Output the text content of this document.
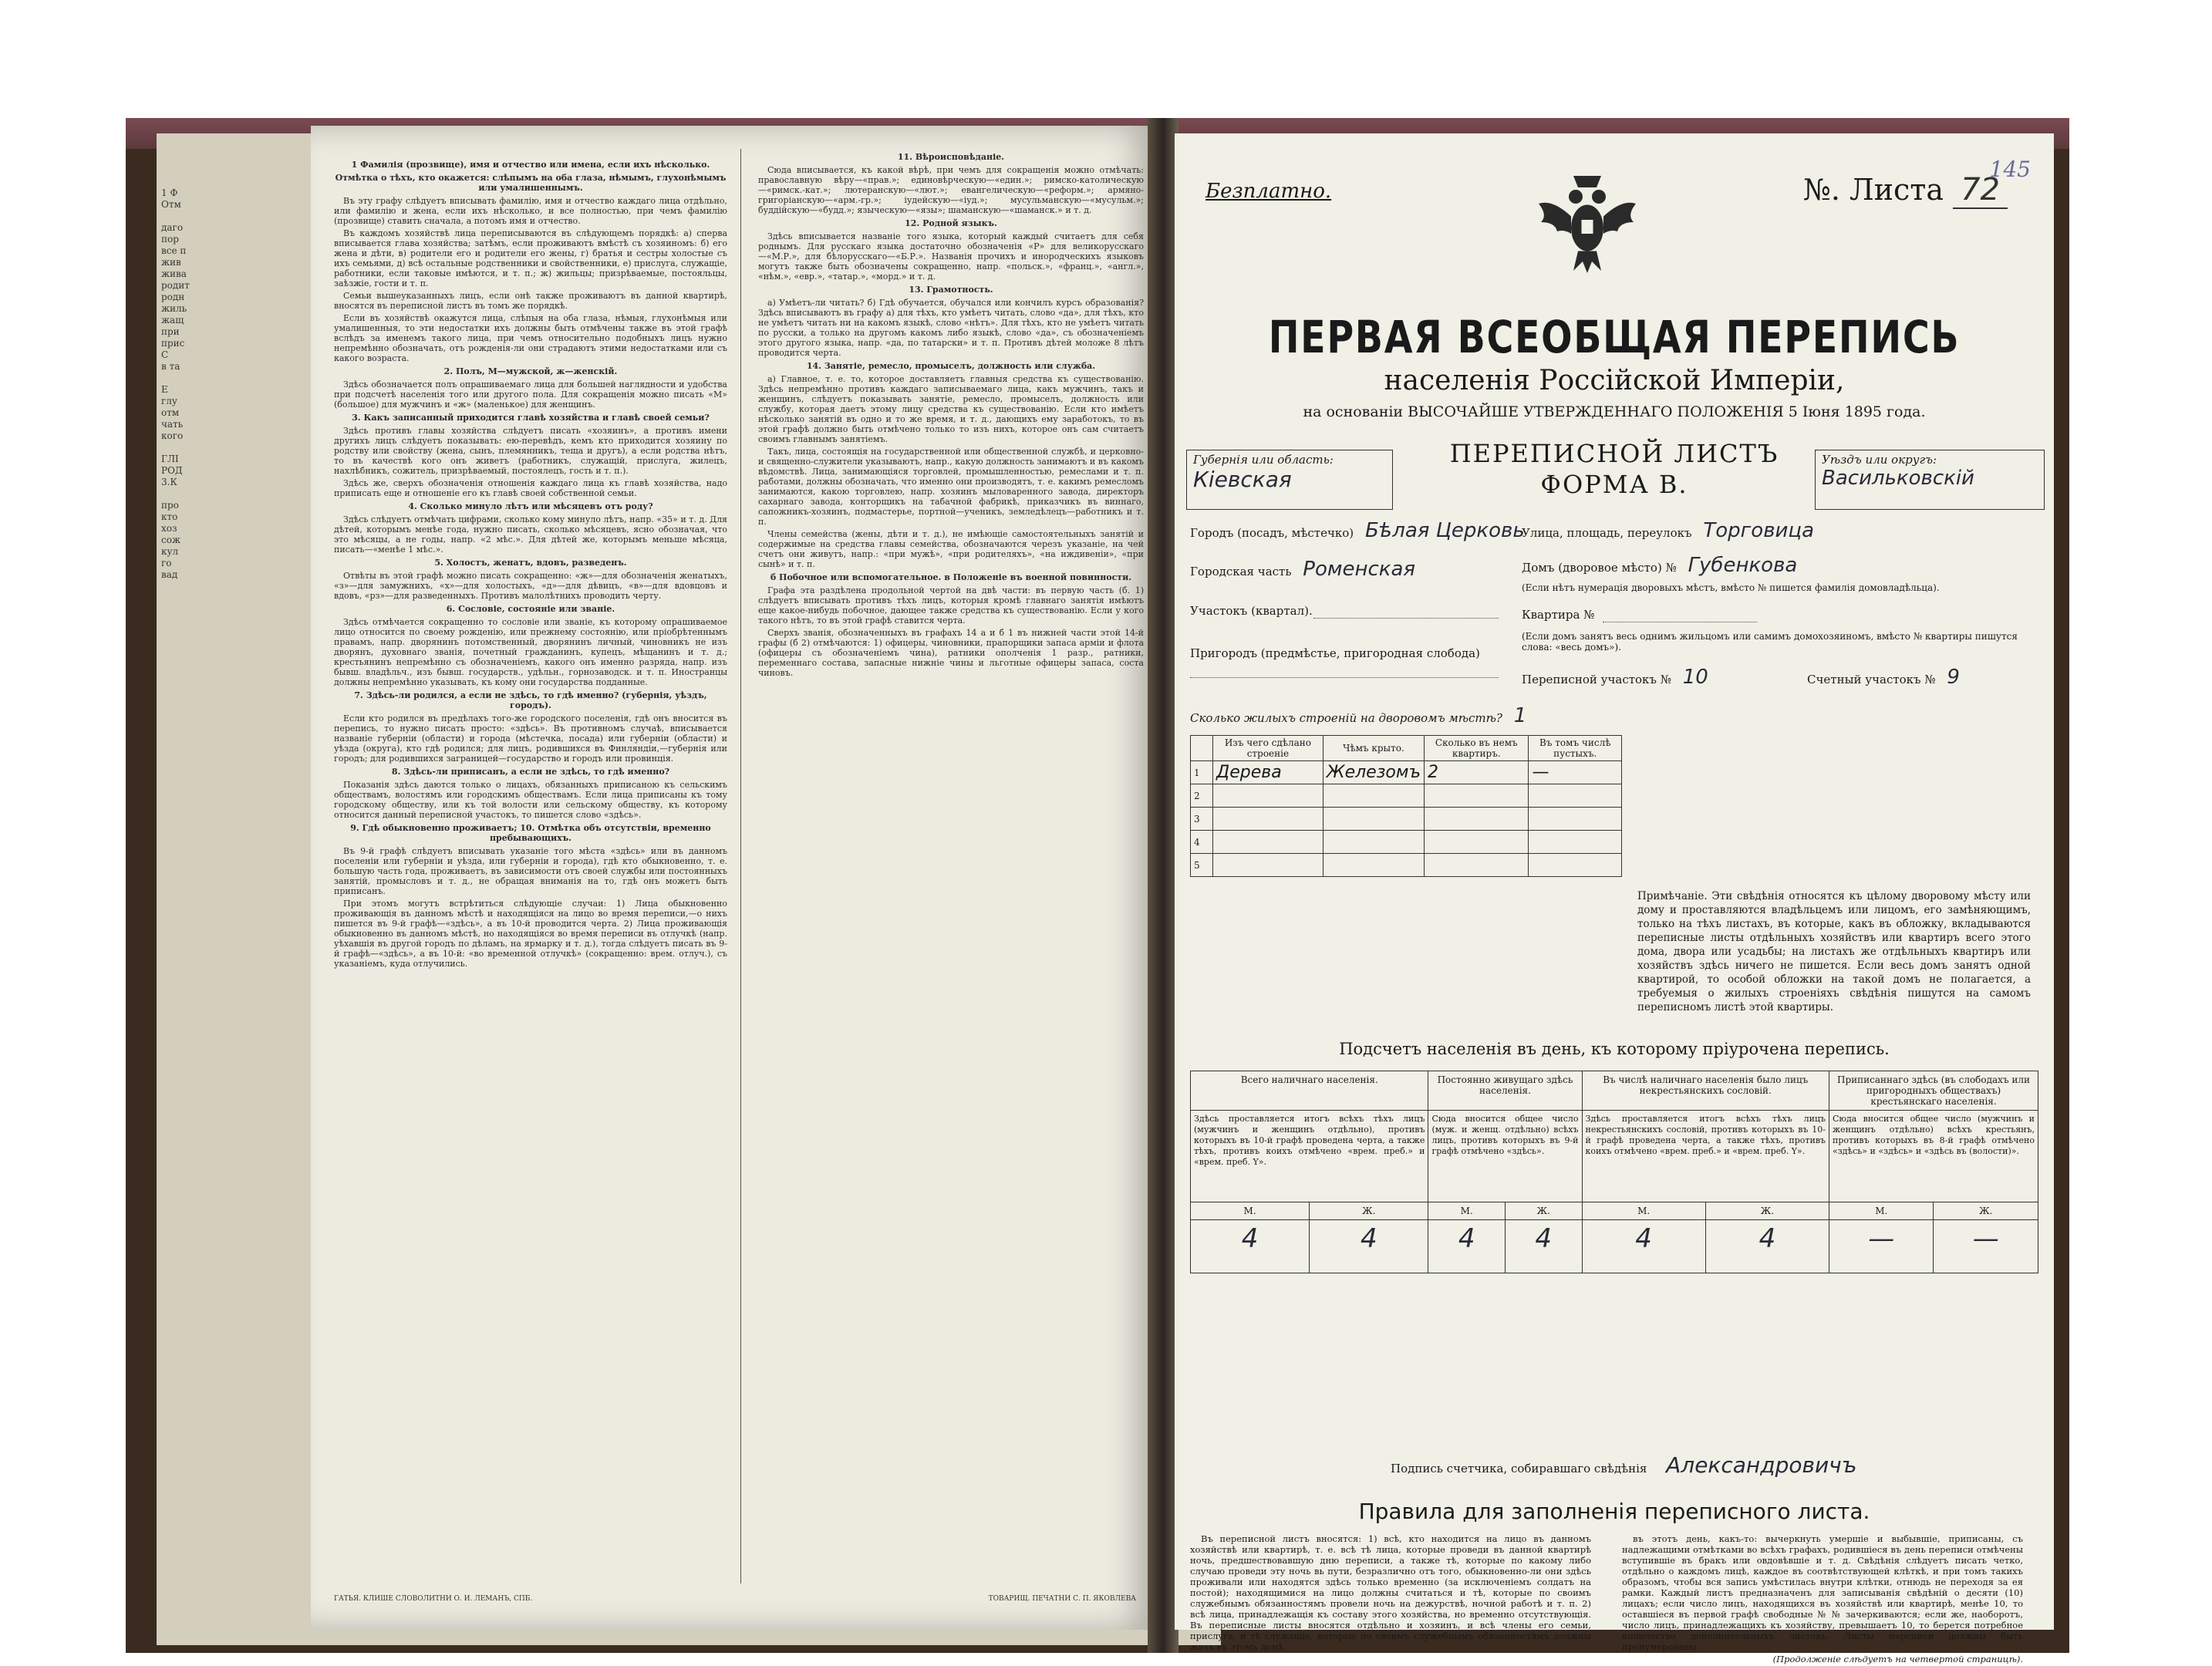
1 Ф
Отм

даго
пор
все п
жив
жива
родит
родн
жиль
жащ
при
прис
С
в та

Е
глу
отм
чать
кого

ГЛІ
РОД
3.К

про
кто
хоз
сож
кул
го
вад

1 Фамилія (прозвище), имя и отчество или имена, если ихъ нѣсколько.

Отмѣтка о тѣхъ, кто окажется: слѣпымъ на оба глаза, нѣмымъ, глухонѣмымъ или умалишеннымъ.

Въ эту графу слѣдуетъ вписывать фамилію, имя и отчество каждаго лица отдѣльно, или фамилію и жена, если ихъ нѣсколько, и все полностью, при чемъ фамилію (прозвище) ставить сначала, а потомъ имя и отчество.

Въ каждомъ хозяйствѣ лица переписываются въ слѣдующемъ порядкѣ: а) сперва вписывается глава хозяйства; затѣмъ, если проживаютъ вмѣстѣ съ хозяиномъ: б) его жена и дѣти, в) родители его и родители его жены, г) братья и сестры холостые съ ихъ семьями, д) всѣ остальные родственники и свойственники, е) прислуга, служащіе, работники, если таковые имѣются, и т. п.; ж) жильцы; призрѣваемые, постояльцы, заѣзжіе, гости и т. п.

Семьи вышеуказанныхъ лицъ, если онѣ также проживаютъ въ данной квартирѣ, вносятся въ переписной листъ въ томъ же порядкѣ.

Если въ хозяйствѣ окажутся лица, слѣпыя на оба глаза, нѣмыя, глухонѣмыя или умалишенныя, то эти недостатки ихъ должны быть отмѣчены также въ этой графѣ вслѣдъ за именемъ такого лица, при чемъ относительно подобныхъ лицъ нужно непремѣнно обозначать, отъ рожденія-ли они страдаютъ этими недостатками или съ какого возраста.

2. Полъ, М—мужской, ж—женскій.

Здѣсь обозначается полъ опрашиваемаго лица для большей наглядности и удобства при подсчетѣ населенія того или другого пола. Для сокращенія можно писать «М» (большое) для мужчинъ и «ж» (маленькое) для женщинъ.

3. Какъ записанный приходится главѣ хозяйства и главѣ своей семьи?

Здѣсь противъ главы хозяйства слѣдуетъ писать «хозяинъ», а противъ имени другихъ лицъ слѣдуетъ показывать: ею-перевѣдъ, кемъ кто приходится хозяину по родству или свойству (жена, сынъ, племянникъ, теща и другъ), а если родства нѣтъ, то въ качествѣ кого онъ живетъ (работникъ, служащій, прислуга, жилецъ, нахлѣбникъ, сожитель, призрѣваемый, постоялецъ, гость и т. п.).

Здѣсь же, сверхъ обозначенія отношенія каждаго лица къ главѣ хозяйства, надо приписать еще и отношеніе его къ главѣ своей собственной семьи.

4. Сколько минуло лѣтъ или мѣсяцевъ отъ роду?

Здѣсь слѣдуетъ отмѣчать цифрами, сколько кому минуло лѣтъ, напр. «35» и т. д. Для дѣтей, которымъ менѣе года, нужно писать, сколько мѣсяцевъ, ясно обозначая, что это мѣсяцы, а не годы, напр. «2 мѣс.». Для дѣтей же, которымъ меньше мѣсяца, писать—«менѣе 1 мѣс.».

5. Холостъ, женатъ, вдовъ, разведенъ.

Отвѣты въ этой графѣ можно писать сокращенно: «ж»—для обозначенія женатыхъ, «з»—для замужнихъ, «х»—для холостыхъ, «д»—для дѣвицъ, «в»—для вдовцовъ и вдовъ, «рз»—для разведенныхъ. Противъ малолѣтнихъ проводить черту.

6. Сословіе, состояніе или званіе.

Здѣсь отмѣчается сокращенно то сословіе или званіе, къ которому опрашиваемое лицо относится по своему рожденію, или прежнему состоянію, или пріобрѣтеннымъ правамъ, напр. дворянинъ потомственный, дворянинъ личный, чиновникъ не изъ дворянъ, духовнаго званія, почетный гражданинъ, купецъ, мѣщанинъ и т. д.; крестьянинъ непремѣнно съ обозначеніемъ, какого онъ именно разряда, напр. изъ бывш. владѣльч., изъ бывш. государств., удѣльн., горнозаводск. и т. п. Иностранцы должны непремѣнно указывать, къ кому они государства подданные.

7. Здѣсь-ли родился, а если не здѣсь, то гдѣ именно? (губернія, уѣздъ, городъ).

Если кто родился въ предѣлахъ того-же городского поселенія, гдѣ онъ вносится въ перепись, то нужно писать просто: «здѣсь». Въ противномъ случаѣ, вписывается названіе губерніи (области) и города (мѣстечка, посада) или губерніи (области) и уѣзда (округа), кто гдѣ родился; для лицъ, родившихся въ Финляндіи,—губернія или городъ; для родившихся заграницей—государство и городъ или провинція.

8. Здѣсь-ли приписанъ, а если не здѣсь, то гдѣ именно?

Показанія здѣсь даются только о лицахъ, обязанныхъ приписаною къ сельскимъ обществамъ, волостямъ или городскимъ обществамъ. Если лица приписаны къ тому городскому обществу, или къ той волости или сельскому обществу, къ которому относится данный переписной участокъ, то пишется слово «здѣсь».

9. Гдѣ обыкновенно проживаетъ; 10. Отмѣтка объ отсутствіи, временно пребывающихъ.

Въ 9-й графѣ слѣдуетъ вписывать указаніе того мѣста «здѣсь» или въ данномъ поселеніи или губерніи и уѣзда, или губерніи и города), гдѣ кто обыкновенно, т. е. большую часть года, проживаетъ, въ зависимости отъ своей службы или постоянныхъ занятій, промысловъ и т. д., не обращая вниманія на то, гдѣ онъ можетъ быть приписанъ.

При этомъ могутъ встрѣтиться слѣдующіе случаи: 1) Лица обыкновенно проживающія въ данномъ мѣстѣ и находящіяся на лицо во время переписи,—о нихъ пишется въ 9-й графѣ—«здѣсь», а въ 10-й проводится черта. 2) Лица проживающія обыкновенно въ данномъ мѣстѣ, но находящіяся во время переписи въ отлучкѣ (напр. уѣхавшія въ другой городъ по дѣламъ, на ярмарку и т. д.), тогда слѣдуетъ писать въ 9-й графѣ—«здѣсь», а въ 10-й: «во временной отлучкѣ» (сокращенно: врем. отлуч.), съ указаніемъ, куда отлучились.

11. Вѣроисповѣданіе.

Сюда вписывается, къ какой вѣрѣ, при чемъ для сокращенія можно отмѣчать: православную вѣру—«прав.»; единовѣрческую—«един.»; римско-католическую—«римск.-кат.»; лютеранскую—«лют.»; евангелическую—«реформ.»; армяно-григоріанскую—«арм.-гр.»; іудейскую—«іуд.»; мусульманскую—«мусульм.»; буддійскую—«будд.»; языческую—«язы»; шаманскую—«шаманск.» и т. д.

12. Родной языкъ.

Здѣсь вписывается названіе того языка, который каждый считаетъ для себя роднымъ. Для русскаго языка достаточно обозначенія «Р» для великорусскаго—«М.Р.», для бѣлорусскаго—«Б.Р.». Названія прочихъ и инородческихъ языковъ могутъ также быть обозначены сокращенно, напр. «польск.», «франц.», «англ.», «нѣм.», «евр.», «татар.», «морд.» и т. д.

13. Грамотность.

а) Умѣетъ-ли читать? б) Гдѣ обучается, обучался или кончилъ курсъ образованія? Здѣсь вписываютъ въ графу а) для тѣхъ, кто умѣетъ читать, слово «да», для тѣхъ, кто не умѣетъ читать ни на какомъ языкѣ, слово «нѣтъ». Для тѣхъ, кто не умѣетъ читать по русски, а только на другомъ какомъ либо языкѣ, слово «да», съ обозначеніемъ этого другого языка, напр. «да, по татарски» и т. п. Противъ дѣтей моложе 8 лѣтъ проводится черта.

14. Занятіе, ремесло, промыселъ, должность или служба.

а) Главное, т. е. то, которое доставляетъ главныя средства къ существованію. Здѣсь непремѣнно противъ каждаго записываемаго лица, какъ мужчинъ, такъ и женщинъ, слѣдуетъ показывать занятіе, ремесло, промыселъ, должность или службу, которая даетъ этому лицу средства къ существованію. Если кто имѣетъ нѣсколько занятій въ одно и то же время, и т. д., дающихъ ему заработокъ, то въ этой графѣ должно быть отмѣчено только то изъ нихъ, которое онъ сам считаетъ своимъ главнымъ занятіемъ.

Такъ, лица, состоящія на государственной или общественной службѣ, и церковно-и священно-служители указываютъ, напр., какую должность занимаютъ и въ какомъ вѣдомствѣ. Лица, занимающіяся торговлей, промышленностью, ремеслами и т. п. работами, должны обозначать, что именно они производятъ, т. е. какимъ ремесломъ занимаются, какою торговлею, напр. хозяинъ мыловаренного завода, директоръ сахарнаго завода, конторщикъ на табачной фабрикѣ, приказчикъ въ виннаго, сапожникъ-хозяинъ, подмастерье, портной—ученикъ, земледѣлецъ—работникъ и т. п.

Члены семейства (жены, дѣти и т. д.), не имѣющіе самостоятельныхъ занятій и содержимые на средства главы семейства, обозначаются черезъ указаніе, на чей счетъ они живутъ, напр.: «при мужѣ», «при родителяхъ», «на иждивеніи», «при сынѣ» и т. п.

б Побочное или вспомогательное. в Положеніе въ военной повинности.

Графа эта раздѣлена продольной чертой на двѣ части: въ первую часть (б. 1) слѣдуетъ вписывать противъ тѣхъ лицъ, которыя кромѣ главнаго занятія имѣютъ еще какое-нибудь побочное, дающее также средства къ существованію. Если у кого такого нѣтъ, то въ этой графѣ ставится черта.

Сверхъ званія, обозначенныхъ въ графахъ 14 а и б 1 въ нижней части этой 14-й графы (б 2) отмѣчаются: 1) офицеры, чиновники, прапорщики запаса арміи и флота (офицеры съ обозначеніемъ чина), ратники ополченія 1 разр., ратники, переменнаго состава, запасные нижніе чины и льготные офицеры запаса, соста чиновъ.

ГАТЬЯ. КЛИШЕ СЛОВОЛИТНИ О. И. ЛЕМАНЪ, СПБ.	ТОВАРИЩ. ПЕЧАТНИ С. П. ЯКОВЛЕВА
Безплатно.
145
№. Листа 72
ПЕРВАЯ ВСЕОБЩАЯ ПЕРЕПИСЬ
населенія Россійской Имперіи,
на основаніи ВЫСОЧАЙШЕ УТВЕРЖДЕННАГО ПОЛОЖЕНІЯ 5 Іюня 1895 года.
ПЕРЕПИСНОЙ ЛИСТЪ
ФОРМА В.
Губернія или область:
Кіевская
Уѣздъ или округъ:
Васильковскій
Городъ (посадъ, мѣстечко) Бѣлая Церковь
Городская часть Роменская
Участокъ (квартал).
Пригородъ (предмѣстье, пригородная слобода)
Улица, площадь, переулокъ Торговица
Домъ (дворовое мѣсто) № Губенкова
(Если нѣтъ нумерація дворовыхъ мѣстъ, вмѣсто № пишется фамилія домовладѣльца).
Квартира №
(Если домъ занятъ весь однимъ жильцомъ или самимъ домохозяиномъ, вмѣсто № квартиры пишутся слова: «весь домъ»).
Переписной участокъ № 10	Счетный участокъ № 9
Сколько жилыхъ строеній на дворовомъ мѣстѣ? 1
	Изъ чего сдѣлано строеніе	Чѣмъ крыто.	Сколько въ немъ квартиръ.	Въ томъ числѣ пустыхъ.
1	Дерева	Железомъ	2	—
2				
3				
4				
5				
Примѣчаніе. Эти свѣдѣнія относятся къ цѣлому дворовому мѣсту или дому и проставляются владѣльцемъ или лицомъ, его замѣняющимъ, только на тѣхъ листахъ, въ которые, какъ въ обложку, вкладываются переписные листы отдѣльныхъ хозяйствъ или квартиръ всего этого дома, двора или усадьбы; на листахъ же отдѣльныхъ квартиръ или хозяйствъ здѣсь ничего не пишется. Если весь домъ занятъ одной квартирой, то особой обложки на такой домъ не полагается, а требуемыя о жилыхъ строеніяхъ свѣдѣнія пишутся на самомъ переписномъ листѣ этой квартиры.
Подсчетъ населенія въ день, къ которому пріурочена перепись.
Всего наличнаго населенія.		Постоянно живущаго здѣсь населенія.		Въ числѣ наличнаго населенія было лицъ некрестьянскихъ сословій.		Приписаннаго здѣсь (въ слободахъ или пригородныхъ обществахъ) крестьянскаго населенія.	
Здѣсь проставляется итогъ всѣхъ тѣхъ лицъ (мужчинъ и женщинъ отдѣльно), противъ которыхъ въ 10-й графѣ проведена черта, а также тѣхъ, противъ коихъ отмѣчено «врем. преб.» и «врем. преб. Y».		Сюда вносится общее число (муж. и женщ. отдѣльно) всѣхъ лицъ, противъ которыхъ въ 9-й графѣ отмѣчено «здѣсь».		Здѣсь проставляется итогъ всѣхъ тѣхъ лицъ некрестьянскихъ сословій, противъ которыхъ въ 10-й графѣ проведена черта, а также тѣхъ, противъ коихъ отмѣчено «врем. преб.» и «врем. преб. Y».		Сюда вносится общее число (мужчинъ и женщинъ отдѣльно) всѣхъ крестьянъ, противъ которыхъ въ 8-й графѣ отмѣчено «здѣсь» и «здѣсь» и «здѣсь въ (волости)».	
М.	Ж.	М.	Ж.	М.	Ж.	М.	Ж.
4	4	4	4	4	4	—	—
Подпись счетчика, собиравшаго свѣдѣнія Александровичъ
Правила для заполненія переписного листа.

Въ переписной листъ вносятся: 1) всѣ, кто находится на лицо въ данномъ хозяйствѣ или квартирѣ, т. е. всѣ тѣ лица, которые проведи въ данной квартирѣ ночь, предшествовавшую дню переписи, а также тѣ, которые по какому либо случаю проведи эту ночь вь пути, безразлично отъ того, обыкновенно-ли они здѣсь проживали или находятся здѣсь только временно (за исключеніемъ солдатъ на постой); находящимися на лицо должны считаться и тѣ, которые по своимъ служебнымъ обязанностямъ провели ночь на дежурствѣ, ночной работѣ и т. п. 2) всѣ лица, принадлежащія къ составу этого хозяйства, но временно отсутствующія. Въ переписные листы вносятся отдѣльно и хозяинъ, и всѣ члены его семьи, прислуга, и тѣ служащіе, которые по своимъ служебнымъ обязанностямъ должны жить въ этомъ домѣ.

въ этотъ день, какъ-то: вычеркнуть умершіе и выбывшіе, приписаны, съ надлежащими отмѣтками во всѣхъ графахъ, родившіеся въ день переписи отмѣчены вступившіе въ бракъ или овдовѣвшіе и т. д. Свѣдѣнія слѣдуетъ писать четко, отдѣльно о каждомъ лицѣ, каждое въ соотвѣтствующей клѣткѣ, и при томъ такихъ образомъ, чтобы вся запись умѣстилась внутри клѣтки, отнюдь не переходя за ея рамки. Каждый листъ предназначенъ для записыванія свѣдѣній о десяти (10) лицахъ; если число лицъ, находящихся въ хозяйствѣ или квартирѣ, менѣе 10, то оставшіеся въ первой графѣ свободные № № зачеркиваются; если же, наоборотъ, число лицъ, принадлежащихъ къ хозяйству, превышаетъ 10, то берется потребное количество дополнительныхъ листовъ. Листы переписи должны быть пронумерованы.

(Продолженіе слѣдуетъ на четвертой страницѣ).
